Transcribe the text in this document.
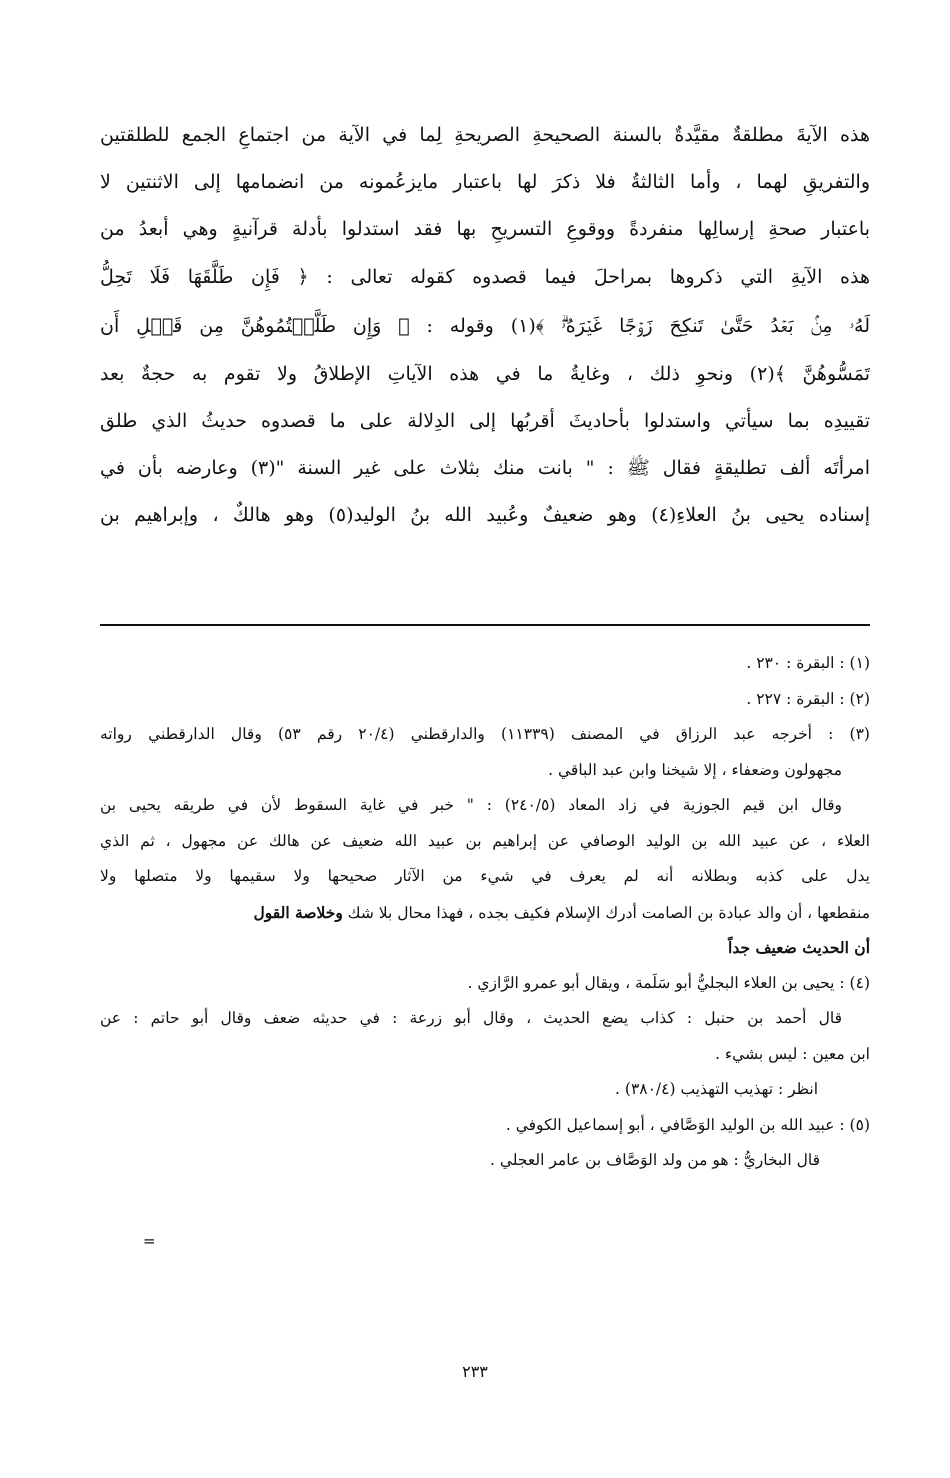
هذه الآيةَ مطلقةٌ مقيَّدةٌ بالسنة الصحيحةِ الصريحةِ لِما في الآية من اجتماعِ الجمع للطلقتين
والتفريقِ لهما ، وأما الثالثةُ فلا ذكرَ لها باعتبار مايزعُمونه من انضمامها إلى الاثنتين لا
باعتبار صحةِ إرسالِها منفردةً ووقوعِ التسريحِ بها فقد استدلوا بأدلة قرآنيةٍ وهي أبعدُ من
هذه الآيةِ التي ذكروها بمراحلَ فيما قصدوه كقوله تعالى : ﴿ فَإِن طَلَّقَهَا فَلَا تَحِلُّ
لَهُۥ مِنۢ بَعۡدُ حَتَّىٰ تَنكِحَ زَوۡجًا غَيۡرَهُۥۗ ﴾(١) وقوله : ﴿ وَإِن طَلَّقۡتُمُوهُنَّ مِن قَبۡلِ أَن
تَمَسُّوهُنَّ ﴾(٢) ونحوِ ذلك ، وغايةُ ما في هذه الآياتِ الإطلاقُ ولا تقوم به حجةٌ بعد
تقييدِه بما سيأتي واستدلوا بأحاديثَ أقربُها إلى الدِلالة على ما قصدوه حديثُ الذي طلق
امرأتَه ألف تطليقةٍ فقال ﷺ : " بانت منك بثلاث على غير السنة "(٣) وعارضه بأن في
إسناده يحيى بنُ العلاءِ(٤) وهو ضعيفٌ وعُبيد الله بنُ الوليد(٥) وهو هالكٌ ، وإبراهيم بن
(١) : البقرة : ٢٣٠ .
(٢) : البقرة : ٢٢٧ .
(٣) : أخرجه عبد الرزاق في المصنف (١١٣٣٩) والدارقطني (٢٠/٤ رقم ٥٣) وقال الدارقطني رواته
مجهولون وضعفاء ، إلا شيخنا وابن عبد الباقي .
وقال ابن قيم الجوزية في زاد المعاد (٢٤٠/٥) : " خبر في غاية السقوط لأن في طريقه يحيى بن
العلاء ، عن عبيد الله بن الوليد الوصافي عن إبراهيم بن عبيد الله ضعيف عن هالك عن مجهول ، ثم الذي
يدل على كذبه وبطلانه أنه لم يعرف في شيء من الآثار صحيحها ولا سقيمها ولا متصلها ولا
منقطعها ، أن والد عبادة بن الصامت أدرك الإسلام فكيف بجده ، فهذا محال بلا شك وخلاصة القول
أن الحديث ضعيف جداً
(٤) : يحيى بن العلاء البجليُّ أبو سَلَمة ، ويقال أبو عمرو الرَّازي .
قال أحمد بن حنبل : كذاب يضع الحديث ، وقال أبو زرعة : في حديثه ضعف وقال أبو حاتم : عن
ابن معين : ليس بشيء .
انظر : تهذيب التهذيب (٣٨٠/٤) .
(٥) : عبيد الله بن الوليد الوَصَّافي ، أبو إسماعيل الكوفي .
قال البخاريُّ : هو من ولد الوَصَّاف بن عامر العجلي .
=
٢٣٣
